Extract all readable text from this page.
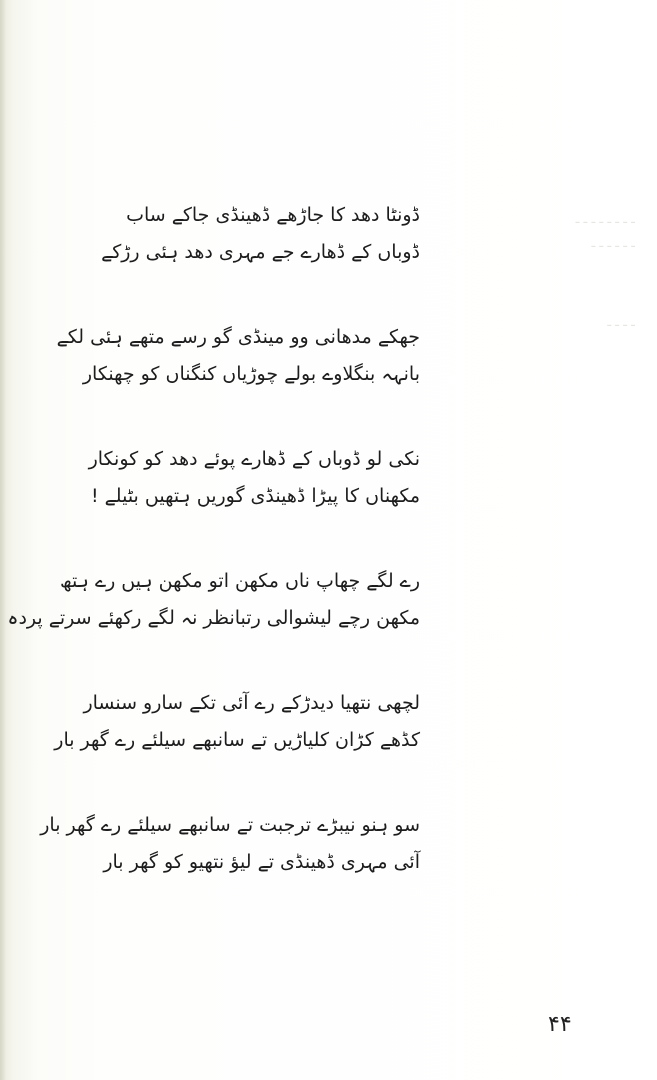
ـ ـ ـ ـ ـ ـ ـ ـ
ـ ـ ـ ـ ـ ـ
ـ ـ ـ ـ
ڈونٹا دھد کا جاڑھے ڈھینڈی جاکے ساب
ڈوباں کے ڈھارے جے مہری دھد ہئی رڑکے
جھکے مدھانی وو مینڈی گو رسے متھے ہئی لکے
بانہہ بنگلاوے بولے چوڑیاں کنگناں کو چھنکار
نکی لو ڈوباں کے ڈھارے پوئے دھد کو کونکار
مکھناں کا پیڑا ڈھینڈی گوریں ہتھیں بٹیلے !
رے لگے چھاپ ناں مکھن اتو مکھن ہیں رے ہتھ
مکھن رچے لیشوالی رتبانظر نہ لگے رکھئے سرتے پردہ
لچھی نتھیا دیدڑکے رے آئی تکے سارو سنسار
کڈھے کڑان کلیاڑیں تے سانبھے سیلئے رے گھر بار
سو ہنو نیبڑے ترجبت تے سانبھے سیلئے رے گھر بار
آئی مہری ڈھینڈی تے لیؤ نتھیو کو گھر بار
۴۴
